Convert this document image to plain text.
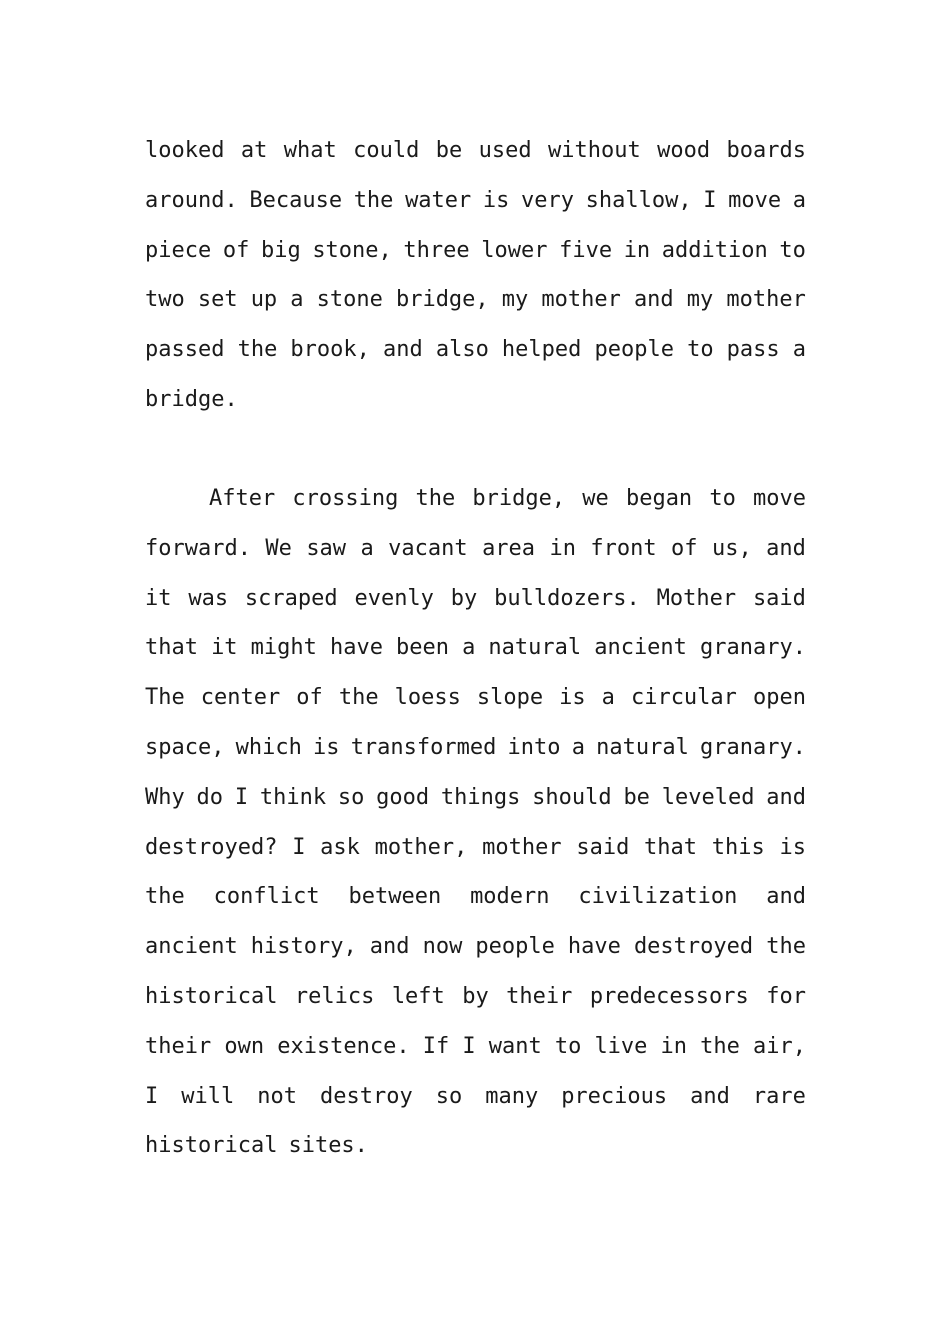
looked at what could be used without wood boards
around. Because the water is very shallow, I move a
piece of big stone, three lower five in addition to
two set up a stone bridge, my mother and my mother
passed the brook, and also helped people to pass a
bridge.
After crossing the bridge, we began to move
forward. We saw a vacant area in front of us, and
it was scraped evenly by bulldozers. Mother said
that it might have been a natural ancient granary.
The center of the loess slope is a circular open
space, which is transformed into a natural granary.
Why do I think so good things should be leveled and
destroyed? I ask mother, mother said that this is
the conflict between modern civilization and
ancient history, and now people have destroyed the
historical relics left by their predecessors for
their own existence. If I want to live in the air,
I will not destroy so many precious and rare
historical sites.
